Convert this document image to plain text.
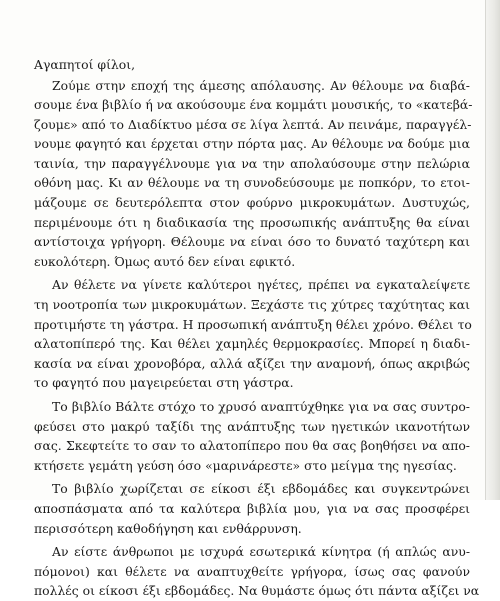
Αγαπητοί φίλοι,
Ζούμε στην εποχή της άμεσης απόλαυσης. Αν θέλουμε να διαβά-
σουμε ένα βιβλίο ή να ακούσουμε ένα κομμάτι μουσικής, το «κατεβά-
ζουμε» από το Διαδίκτυο μέσα σε λίγα λεπτά. Αν πεινάμε, παραγγέλ-
νουμε φαγητό και έρχεται στην πόρτα μας. Αν θέλουμε να δούμε μια
ταινία, την παραγγέλνουμε για να την απολαύσουμε στην πελώρια
οθόνη μας. Κι αν θέλουμε να τη συνοδεύσουμε με ποπκόρν, το ετοι-
μάζουμε σε δευτερόλεπτα στον φούρνο μικροκυμάτων. Δυστυχώς,
περιμένουμε ότι η διαδικασία της προσωπικής ανάπτυξης θα είναι
αντίστοιχα γρήγορη. Θέλουμε να είναι όσο το δυνατό ταχύτερη και
ευκολότερη. Όμως αυτό δεν είναι εφικτό.
Αν θέλετε να γίνετε καλύτεροι ηγέτες, πρέπει να εγκαταλείψετε
τη νοοτροπία των μικροκυμάτων. Ξεχάστε τις χύτρες ταχύτητας και
προτιμήστε τη γάστρα. Η προσωπική ανάπτυξη θέλει χρόνο. Θέλει το
αλατοπίπερό της. Και θέλει χαμηλές θερμοκρασίες. Μπορεί η διαδι-
κασία να είναι χρονοβόρα, αλλά αξίζει την αναμονή, όπως ακριβώς
το φαγητό που μαγειρεύεται στη γάστρα.
Το βιβλίο Βάλτε στόχο το χρυσό αναπτύχθηκε για να σας συντρο-
φεύσει στο μακρύ ταξίδι της ανάπτυξης των ηγετικών ικανοτήτων
σας. Σκεφτείτε το σαν το αλατοπίπερο που θα σας βοηθήσει να απο-
κτήσετε γεμάτη γεύση όσο «μαρινάρεστε» στο μείγμα της ηγεσίας.
Το βιβλίο χωρίζεται σε είκοσι έξι εβδομάδες και συγκεντρώνει
αποσπάσματα από τα καλύτερα βιβλία μου, για να σας προσφέρει
περισσότερη καθοδήγηση και ενθάρρυνση.
Αν είστε άνθρωποι με ισχυρά εσωτερικά κίνητρα (ή απλώς ανυ-
πόμονοι) και θέλετε να αναπτυχθείτε γρήγορα, ίσως σας φανούν
πολλές οι είκοσι έξι εβδομάδες. Να θυμάστε όμως ότι πάντα αξίζει να
